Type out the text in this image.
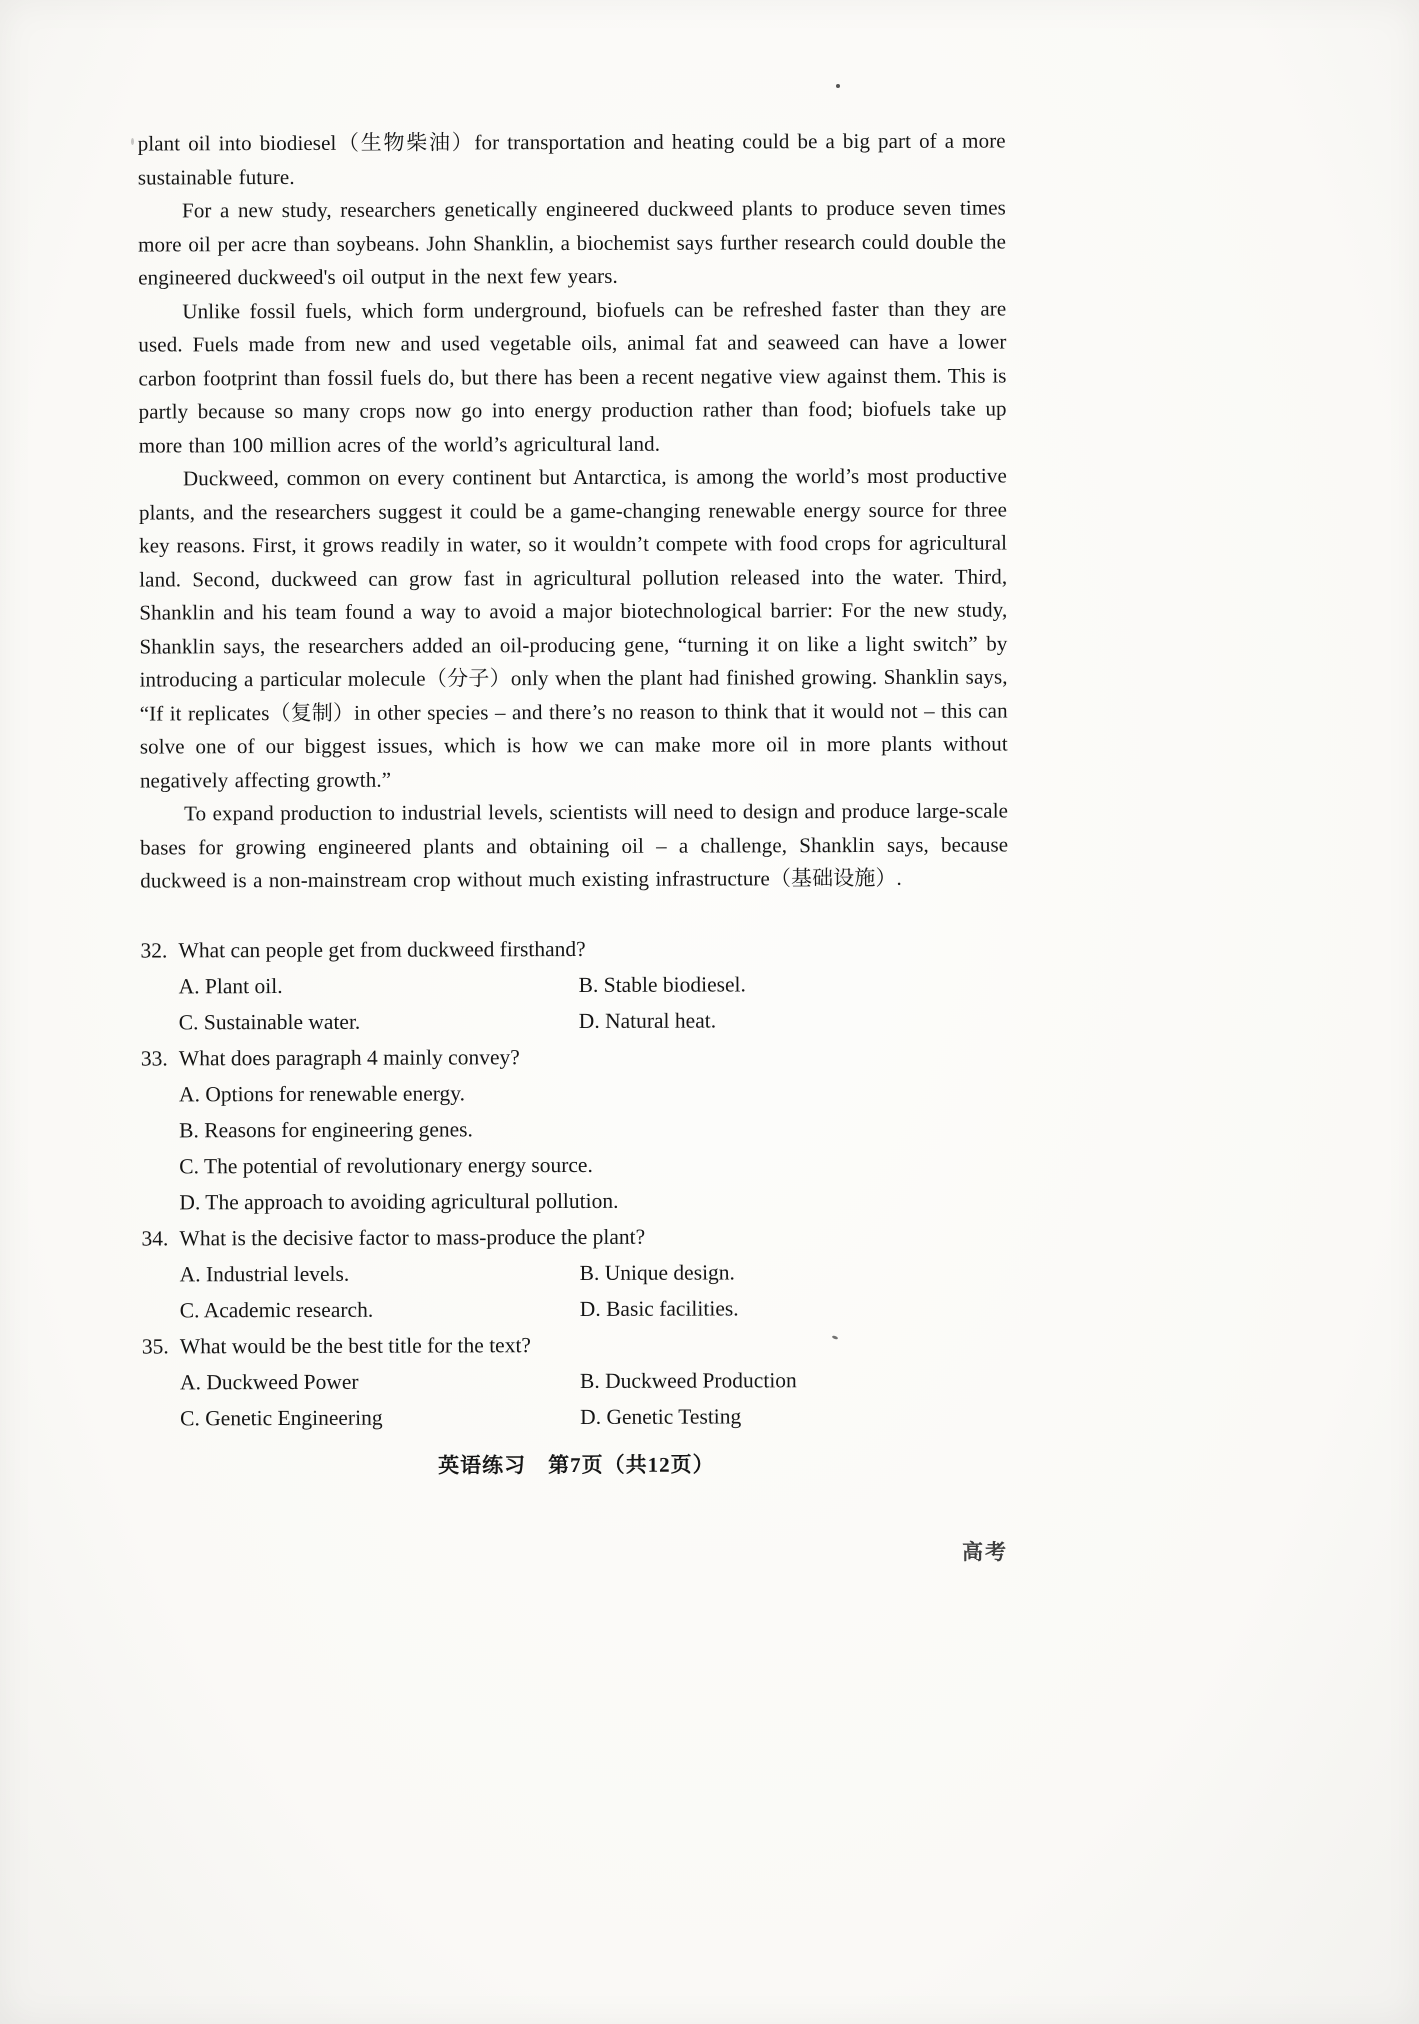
plant oil into biodiesel（生物柴油）for transportation and heating could be a big part of a more sustainable future.

For a new study, researchers genetically engineered duckweed plants to produce seven times more oil per acre than soybeans. John Shanklin, a biochemist says further research could double the engineered duckweed's oil output in the next few years.

Unlike fossil fuels, which form underground, biofuels can be refreshed faster than they are used. Fuels made from new and used vegetable oils, animal fat and seaweed can have a lower carbon footprint than fossil fuels do, but there has been a recent negative view against them. This is partly because so many crops now go into energy production rather than food; biofuels take up more than 100 million acres of the world’s agricultural land.

Duckweed, common on every continent but Antarctica, is among the world’s most productive plants, and the researchers suggest it could be a game-changing renewable energy source for three key reasons. First, it grows readily in water, so it wouldn’t compete with food crops for agricultural land. Second, duckweed can grow fast in agricultural pollution released into the water. Third, Shanklin and his team found a way to avoid a major biotechnological barrier: For the new study, Shanklin says, the researchers added an oil-producing gene, “turning it on like a light switch” by introducing a particular molecule（分子）only when the plant had finished growing. Shanklin says, “If it replicates（复制）in other species – and there’s no reason to think that it would not – this can solve one of our biggest issues, which is how we can make more oil in more plants without negatively affecting growth.”

To expand production to industrial levels, scientists will need to design and produce large-scale bases for growing engineered plants and obtaining oil – a challenge, Shanklin says, because duckweed is a non-mainstream crop without much existing infrastructure（基础设施）.

32. What can people get from duckweed firsthand?
A. Plant oil.	B. Stable biodiesel.
C. Sustainable water.	D. Natural heat.
33. What does paragraph 4 mainly convey?
A. Options for renewable energy.
B. Reasons for engineering genes.
C. The potential of revolutionary energy source.
D. The approach to avoiding agricultural pollution.
34. What is the decisive factor to mass-produce the plant?
A. Industrial levels.	B. Unique design.
C. Academic research.	D. Basic facilities.
35. What would be the best title for the text?
A. Duckweed Power	B. Duckweed Production
C. Genetic Engineering	D. Genetic Testing
英语练习　第7页（共12页）
高考
